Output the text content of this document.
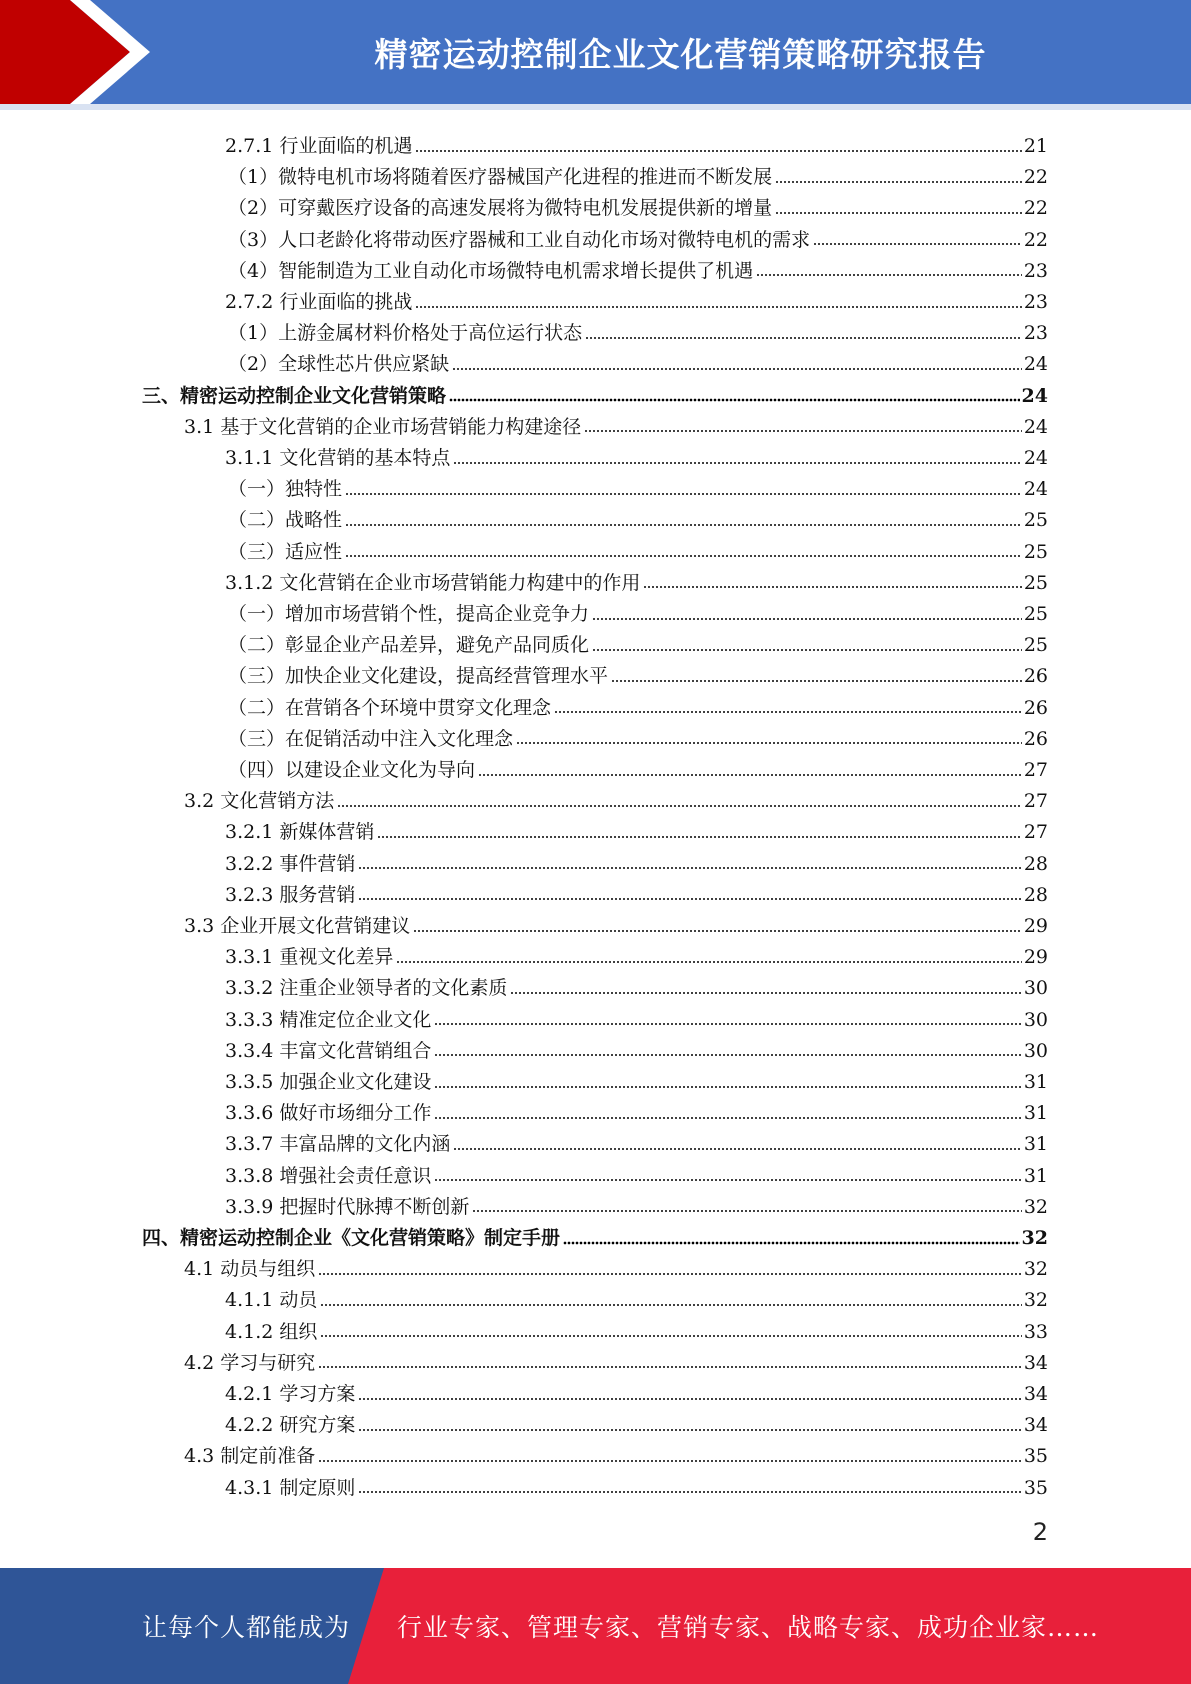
精密运动控制企业文化营销策略研究报告
2.7.1 行业面临的机遇	21
（1）微特电机市场将随着医疗器械国产化进程的推进而不断发展	22
（2）可穿戴医疗设备的高速发展将为微特电机发展提供新的增量	22
（3）人口老龄化将带动医疗器械和工业自动化市场对微特电机的需求	22
（4）智能制造为工业自动化市场微特电机需求增长提供了机遇	23
2.7.2 行业面临的挑战	23
（1）上游金属材料价格处于高位运行状态	23
（2）全球性芯片供应紧缺	24
三、精密运动控制企业文化营销策略	24
3.1 基于文化营销的企业市场营销能力构建途径	24
3.1.1 文化营销的基本特点	24
（一）独特性	24
（二）战略性	25
（三）适应性	25
3.1.2 文化营销在企业市场营销能力构建中的作用	25
（一）增加市场营销个性，提高企业竞争力	25
（二）彰显企业产品差异，避免产品同质化	25
（三）加快企业文化建设，提高经营管理水平	26
（二）在营销各个环境中贯穿文化理念	26
（三）在促销活动中注入文化理念	26
（四）以建设企业文化为导向	27
3.2 文化营销方法	27
3.2.1 新媒体营销	27
3.2.2 事件营销	28
3.2.3 服务营销	28
3.3 企业开展文化营销建议	29
3.3.1 重视文化差异	29
3.3.2 注重企业领导者的文化素质	30
3.3.3 精准定位企业文化	30
3.3.4 丰富文化营销组合	30
3.3.5 加强企业文化建设	31
3.3.6 做好市场细分工作	31
3.3.7 丰富品牌的文化内涵	31
3.3.8 增强社会责任意识	31
3.3.9 把握时代脉搏不断创新	32
四、精密运动控制企业《文化营销策略》制定手册	32
4.1 动员与组织	32
4.1.1 动员	32
4.1.2 组织	33
4.2 学习与研究	34
4.2.1 学习方案	34
4.2.2 研究方案	34
4.3 制定前准备	35
4.3.1 制定原则	35
2
让每个人都能成为 行业专家、管理专家、营销专家、战略专家、成功企业家……
